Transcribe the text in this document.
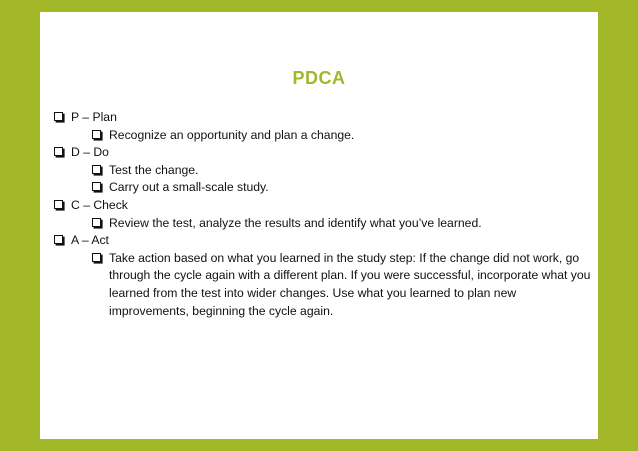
PDCA
P – Plan
Recognize an opportunity and plan a change.
D – Do
Test the change.
Carry out a small-scale study.
C – Check
Review the test, analyze the results and identify what you’ve learned.
A – Act
Take action based on what you learned in the study step: If the change did not work, go through the cycle again with a different plan. If you were successful, incorporate what you learned from the test into wider changes. Use what you learned to plan new improvements, beginning the cycle again.
